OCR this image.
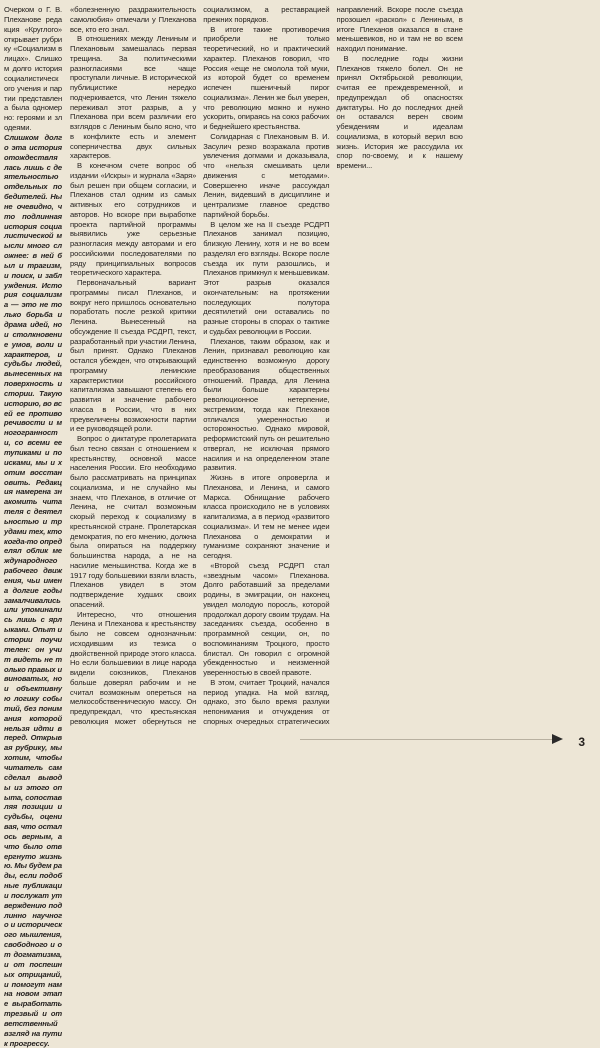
Очерком о Г. В. Плеханове редакция «Круглого» открывает рубрику «Социализм в лицах». Слишком долго история социалистического учения и партии представлена была одномерно: героями и злодеями.
Слишком долго эта история отождествлялась лишь с деятельностью отдельных победителей. Ныне очевидно, что подлинная история социалистической мысли много сложнее: в ней был и трагизм, и поиск, и заблуждения. История социализма — это не только борьба и драма идей, но и столкновение умов, воли и характеров, и судьбы людей, вынесенных на поверхность истории. Такую историю, во всей ее противоречивости и многогранности, со всеми ее тупиками и поисками, мы и хотим восстановить. Редакция намерена знакомить читателя с деятельностью и трудами тех, кто когда-то определял облик международного рабочего движения, чьи имена долгие годы замалчивались или упоминались лишь с ярлыками. Опыт истории поучителен: он учит видеть не только правых и виноватых, но и объективную логику событий, без понимания которой нельзя идти вперед. Открывая рубрику, мы хотим, чтобы читатель сам сделал выводы из этого опыта, сопоставляя позиции и судьбы, оценивая, что осталось верным, а что было отвергнуто жизнью. Мы будем рады, если подобные публикации послужат утверждению подлинно научного и исторического мышления, свободного и от догматизма, и от поспешных отрицаний, и помогут нам на новом этапе выработать трезвый и ответственный взгляд на пути к прогрессу.

«болезненную раздражительность самолюбия» отмечали у Плеханова все, кто его знал.

В отношениях между Лениным и Плехановым замешалась первая трещина. За политическими разногласиями все чаще проступали личные. В исторической публицистике нередко подчеркивается, что Ленин тяжело переживал этот разрыв, а у Плеханова при всем различии его взглядов с Лениным было ясно, что в конфликте есть и элемент соперничества двух сильных характеров.

В конечном счете вопрос об издании «Искры» и журнала «Заря» был решен при общем согласии, и Плеханов стал одним из самых активных его сотрудников и авторов. Но вскоре при выработке проекта партийной программы выявились уже серьезные разногласия между авторами и его российскими последователями по ряду принципиальных вопросов теоретического характера.

Первоначальный вариант программы писал Плеханов, и вокруг него пришлось основательно поработать после резкой критики Ленина. Вынесенный на обсуждение II съезда РСДРП, текст, разработанный при участии Ленина, был принят. Однако Плеханов остался убежден, что открывающий программу ленинские характеристики российского капитализма завышают степень его развития и значение рабочего класса в России, что в них преувеличены возможности партии и ее руководящей роли.

Вопрос о диктатуре пролетариата был тесно связан с отношением к крестьянству, основной массе населения России. Его необходимо было рассматривать на принципах социализма, и не случайно мы знаем, что Плеханов, в отличие от Ленина, не считал возможным скорый переход к социализму в крестьянской стране. Пролетарская демократия, по его мнению, должна была опираться на поддержку большинства народа, а не на насилие меньшинства. Когда же в 1917 году большевики взяли власть, Плеханов увидел в этом подтверждение худших своих опасений.

Интересно, что отношения Ленина и Плеханова к крестьянству было не совсем однозначным: исходившим из тезиса о двойственной природе этого класса. Но если большевики в лице народа видели союзников, Плеханов больше доверял рабочим и не считал возможным опереться на мелкособственническую массу. Он предупреждал, что крестьянская революция может обернуться не социализмом, а реставрацией прежних порядков.

В итоге такие противоречия приобрели не только теоретический, но и практический характер. Плеханов говорил, что Россия «еще не смолола той муки, из которой будет со временем испечен пшеничный пирог социализма». Ленин же был уверен, что революцию можно и нужно ускорить, опираясь на союз рабочих и беднейшего крестьянства.

Солидарная с Плехановым В. И. Засулич резко возражала против увлечения догмами и доказывала, что «нельзя смешивать цели движения с методами». Совершенно иначе рассуждал Ленин, видевший в дисциплине и централизме главное средство партийной борьбы.

В целом же на II съезде РСДРП Плеханов занимал позицию, близкую Ленину, хотя и не во всем разделял его взгляды. Вскоре после съезда их пути разошлись, и Плеханов примкнул к меньшевикам. Этот разрыв оказался окончательным: на протяжении последующих полутора десятилетий они оставались по разные стороны в спорах о тактике и судьбах революции в России.

Плеханов, таким образом, как и Ленин, признавал революцию как единственно возможную дорогу преобразования общественных отношений. Правда, для Ленина были больше характерны революционное нетерпение, экстремизм, тогда как Плеханов отличался умеренностью и осторожностью. Однако мировой, реформистский путь он решительно отвергал, не исключая прямого насилия и на определенном этапе развития.

Жизнь в итоге опровергла и Плеханова, и Ленина, и самого Маркса. Обнищание рабочего класса происходило не в условиях капитализма, а в период «развитого социализма». И тем не менее идеи Плеханова о демократии и гуманизме сохраняют значение и сегодня.

«Второй съезд РСДРП стал «звездным часом» Плеханова. Долго работавший за пределами родины, в эмиграции, он наконец увидел молодую поросль, которой продолжал дорогу своим трудам. На заседаниях съезда, особенно в программной секции, он, по воспоминаниям Троцкого, просто блистал. Он говорил с огромной убежденностью и неизменной уверенностью в своей правоте.

В этом, считает Троцкий, начался период упадка. На мой взгляд, однако, это было время разлуки непонимания и отчуждения от спорных очередных стратегических направлений. Вскоре после съезда прозошел «раскол» с Лениным, в итоге Плеханов оказался в стане меньшевиков, но и там не во всем находил понимание.

В последние годы жизни Плеханов тяжело болел. Он не принял Октябрьской революции, считая ее преждевременной, и предупреждал об опасностях диктатуры. Но до последних дней он оставался верен своим убеждениям и идеалам социализма, в который верил всю жизнь. История же рассудила их спор по-своему, и к нашему времени...

3
